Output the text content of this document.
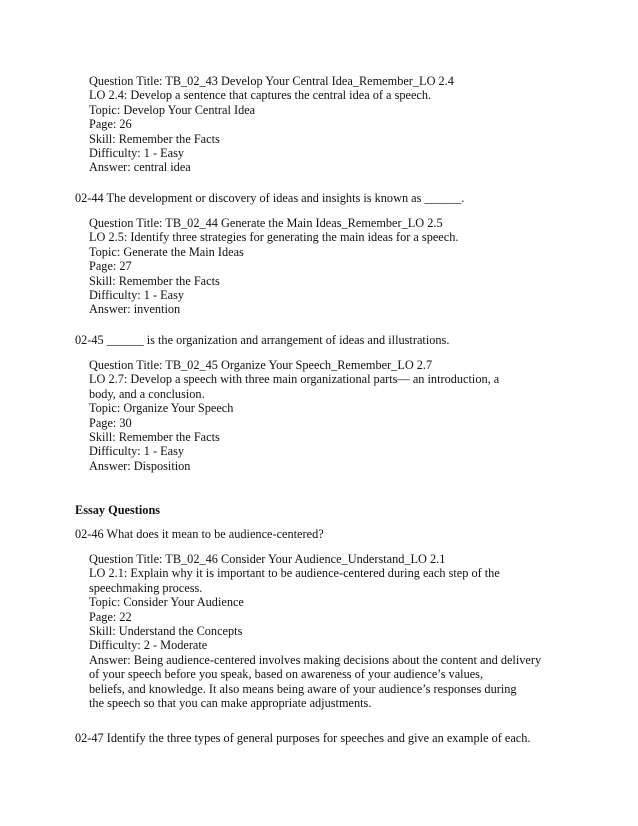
Question Title: TB_02_43 Develop Your Central Idea_Remember_LO 2.4
LO 2.4: Develop a sentence that captures the central idea of a speech.
Topic: Develop Your Central Idea
Page: 26
Skill: Remember the Facts
Difficulty: 1 - Easy
Answer: central idea
02-44 The development or discovery of ideas and insights is known as ______.
Question Title: TB_02_44 Generate the Main Ideas_Remember_LO 2.5
LO 2.5: Identify three strategies for generating the main ideas for a speech.
Topic: Generate the Main Ideas
Page: 27
Skill: Remember the Facts
Difficulty: 1 - Easy
Answer: invention
02-45 ______ is the organization and arrangement of ideas and illustrations.
Question Title: TB_02_45 Organize Your Speech_Remember_LO 2.7
LO 2.7: Develop a speech with three main organizational parts— an introduction, a
body, and a conclusion.
Topic: Organize Your Speech
Page: 30
Skill: Remember the Facts
Difficulty: 1 - Easy
Answer: Disposition
Essay Questions
02-46 What does it mean to be audience-centered?
Question Title: TB_02_46 Consider Your Audience_Understand_LO 2.1
LO 2.1: Explain why it is important to be audience-centered during each step of the
speechmaking process.
Topic: Consider Your Audience
Page: 22
Skill: Understand the Concepts
Difficulty: 2 - Moderate
Answer: Being audience-centered involves making decisions about the content and delivery
of your speech before you speak, based on awareness of your audience’s values,
beliefs, and knowledge. It also means being aware of your audience’s responses during
the speech so that you can make appropriate adjustments.
02-47 Identify the three types of general purposes for speeches and give an example of each.
